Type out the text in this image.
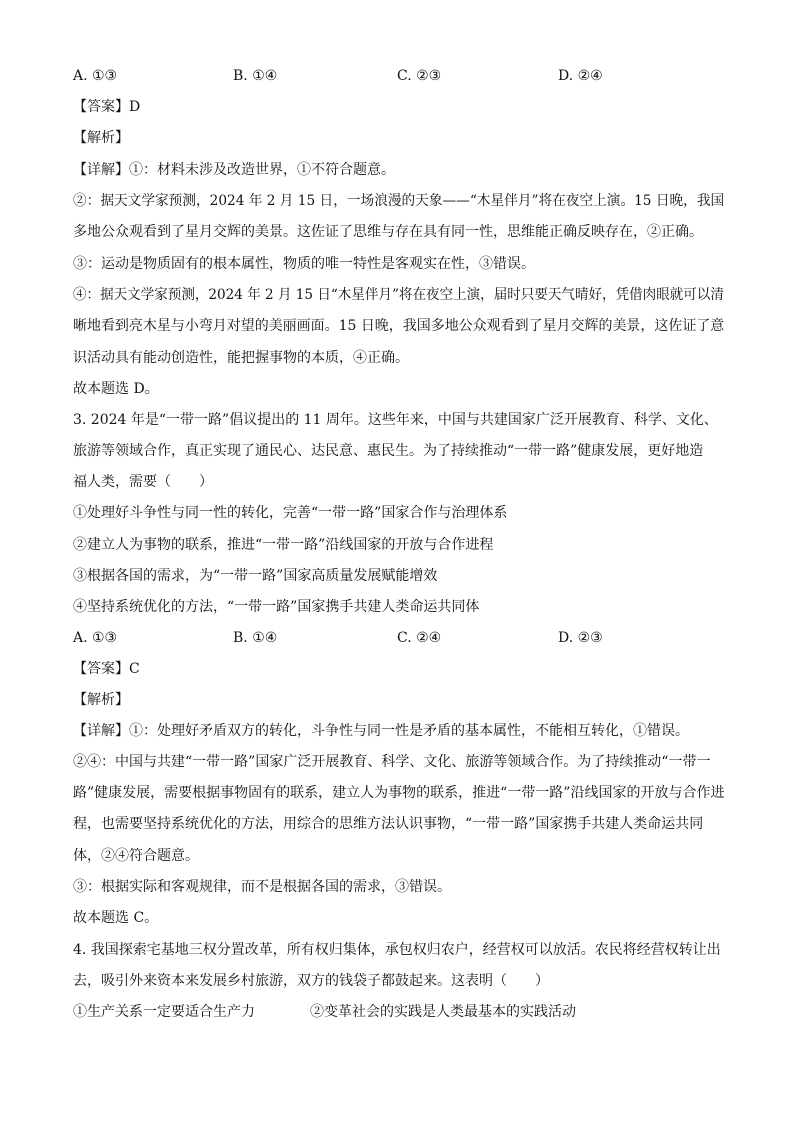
A. ①③	B. ①④	C. ②③	D. ②④
【答案】D
【解析】
【详解】①：材料未涉及改造世界，①不符合题意。
②：据天文学家预测，2024 年 2 月 15 日，一场浪漫的天象——“木星伴月”将在夜空上演。15 日晚，我国
多地公众观看到了星月交辉的美景。这佐证了思维与存在具有同一性，思维能正确反映存在，②正确。
③：运动是物质固有的根本属性，物质的唯一特性是客观实在性，③错误。
④：据天文学家预测，2024 年 2 月 15 日“木星伴月”将在夜空上演，届时只要天气晴好，凭借肉眼就可以清
晰地看到亮木星与小弯月对望的美丽画面。15 日晚，我国多地公众观看到了星月交辉的美景，这佐证了意
识活动具有能动创造性，能把握事物的本质，④正确。
故本题选 D。
3. 2024 年是“一带一路”倡议提出的 11 周年。这些年来，中国与共建国家广泛开展教育、科学、文化、
旅游等领域合作，真正实现了通民心、达民意、惠民生。为了持续推动“一带一路”健康发展，更好地造
福人类，需要（　　）
①处理好斗争性与同一性的转化，完善“一带一路”国家合作与治理体系
②建立人为事物的联系，推进“一带一路”沿线国家的开放与合作进程
③根据各国的需求，为“一带一路”国家高质量发展赋能增效
④坚持系统优化的方法，“一带一路”国家携手共建人类命运共同体
A. ①③	B. ①④	C. ②④	D. ②③
【答案】C
【解析】
【详解】①：处理好矛盾双方的转化，斗争性与同一性是矛盾的基本属性，不能相互转化，①错误。
②④：中国与共建“一带一路”国家广泛开展教育、科学、文化、旅游等领域合作。为了持续推动“一带一
路”健康发展，需要根据事物固有的联系，建立人为事物的联系，推进“一带一路”沿线国家的开放与合作进
程，也需要坚持系统优化的方法，用综合的思维方法认识事物，“一带一路”国家携手共建人类命运共同
体，②④符合题意。
③：根据实际和客观规律，而不是根据各国的需求，③错误。
故本题选 C。
4. 我国探索宅基地三权分置改革，所有权归集体，承包权归农户，经营权可以放活。农民将经营权转让出
去，吸引外来资本来发展乡村旅游，双方的钱袋子都鼓起来。这表明（　　）
①生产关系一定要适合生产力	②变革社会的实践是人类最基本的实践活动
